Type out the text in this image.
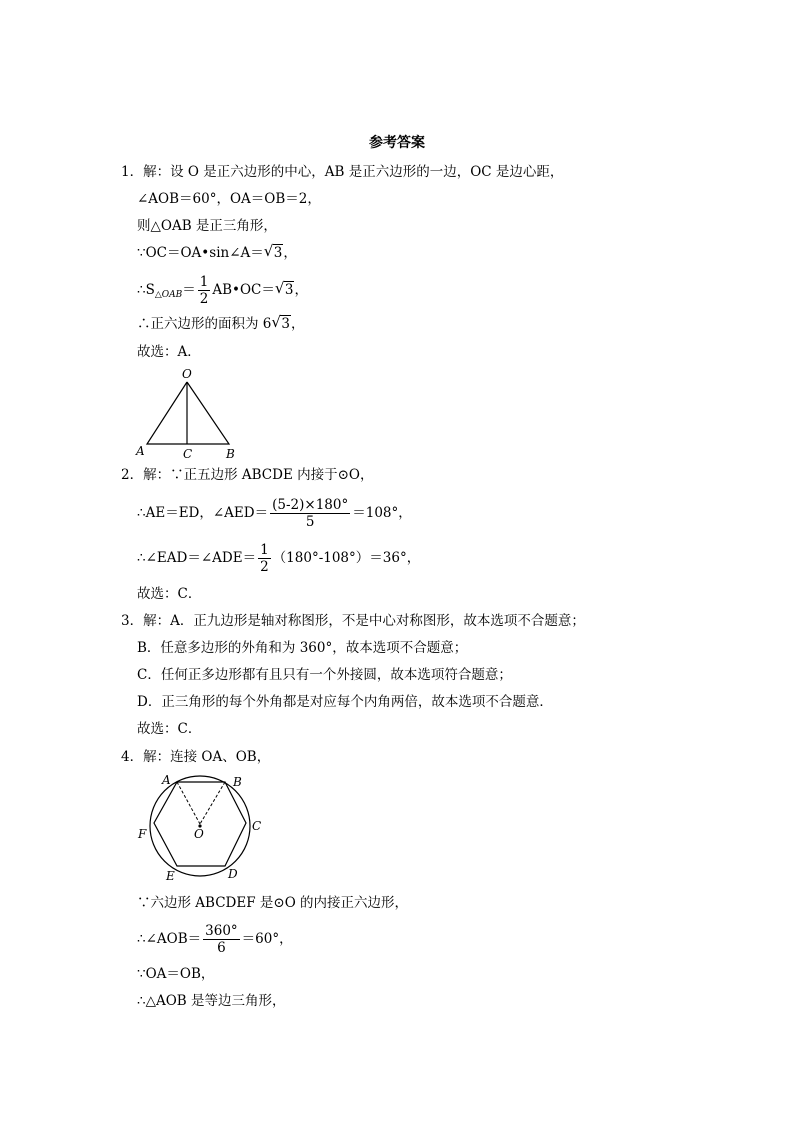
参考答案
1．解：设 O 是正六边形的中心，AB 是正六边形的一边，OC 是边心距，
∠AOB＝60°，OA＝OB＝2，
则△OAB 是正三角形，
∵OC＝OA•sin∠A＝ √ 3，
$\therefore S_{\triangle OAB}= \frac{1}{2}$ AB•OC＝ √ 3，
∴正六边形的面积为 6 √ 3，
故选：A．
O
A	C	B
2．解：∵正五边形 ABCDE 内接于⊙O，
∴AE＝ED，∠AED＝ $\frac{(5-2)\times 180^\circ}{5} =108^\circ$，
∴∠EAD＝∠ADE＝ $\frac{1}{2} (180^\circ-108^\circ)=36^\circ$，
故选：C．
3．解：A．正九边形是轴对称图形，不是中心对称图形，故本选项不合题意；
B．任意多边形的外角和为 360°，故本选项不合题意；
C．任何正多边形都有且只有一个外接圆，故本选项符合题意；
D．正三角形的每个外角都是对应每个内角两倍，故本选项不合题意．
故选：C．
4．解：连接 OA、OB，
A	B
C
D
E
F	O
∵六边形 ABCDEF 是⊙O 的内接正六边形，
∴∠AOB＝ $\frac{360^\circ}{6} =60^\circ$，
∵OA＝OB，
∴△AOB 是等边三角形，
